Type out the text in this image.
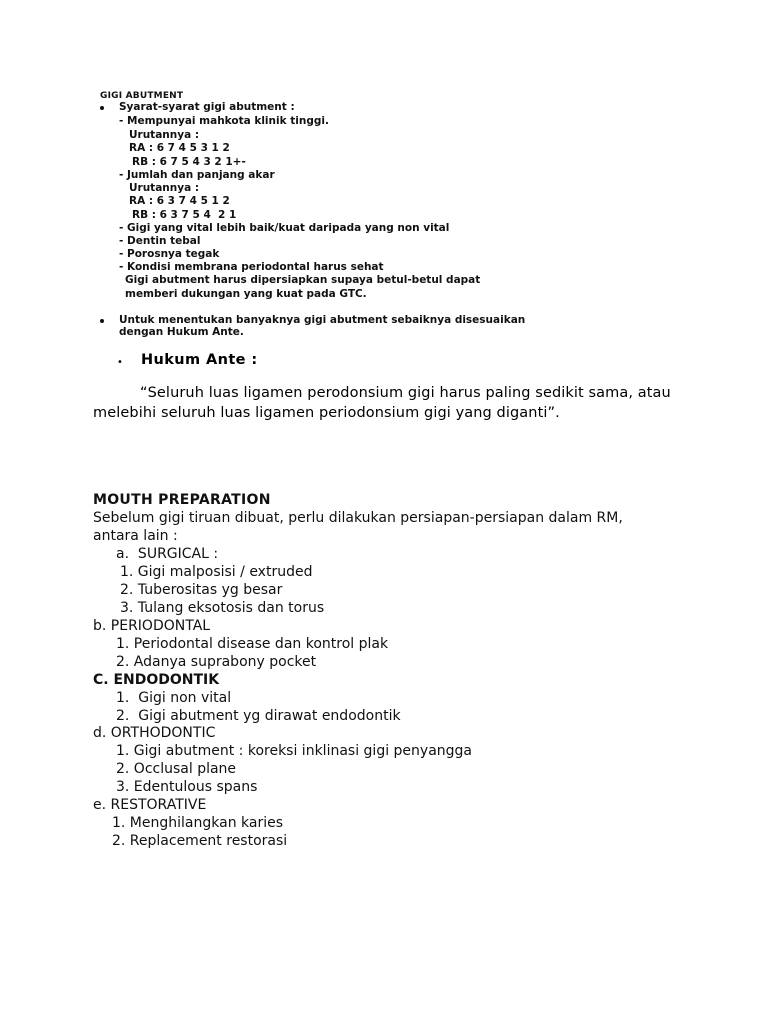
GIGI ABUTMENT
Syarat-syarat gigi abutment :
- Mempunyai mahkota klinik tinggi.
Urutannya :
RA : 6 7 4 5 3 1 2
RB : 6 7 5 4 3 2 1+-
- Jumlah dan panjang akar
Urutannya :
RA : 6 3 7 4 5 1 2
RB : 6 3 7 5 4  2 1
- Gigi yang vital lebih baik/kuat daripada yang non vital
- Dentin tebal
- Porosnya tegak
- Kondisi membrana periodontal harus sehat
Gigi abutment harus dipersiapkan supaya betul-betul dapat
memberi dukungan yang kuat pada GTC.
Untuk menentukan banyaknya gigi abutment sebaiknya disesuaikan
dengan Hukum Ante.
• Hukum Ante :
“Seluruh luas ligamen perodonsium gigi harus paling sedikit sama, atau
melebihi seluruh luas ligamen periodonsium gigi yang diganti”.
MOUTH PREPARATION
Sebelum gigi tiruan dibuat, perlu dilakukan persiapan-persiapan dalam RM,
antara lain :
a.  SURGICAL :
1. Gigi malposisi / extruded
2. Tuberositas yg besar
3. Tulang eksotosis dan torus
b. PERIODONTAL
1. Periodontal disease dan kontrol plak
2. Adanya suprabony pocket
C. ENDODONTIK
1.  Gigi non vital
2.  Gigi abutment yg dirawat endodontik
d. ORTHODONTIC
1. Gigi abutment : koreksi inklinasi gigi penyangga
2. Occlusal plane
3. Edentulous spans
e. RESTORATIVE
1. Menghilangkan karies
2. Replacement restorasi
